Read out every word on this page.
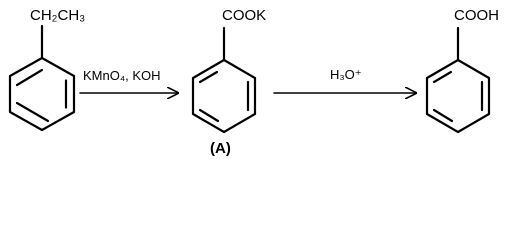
CH₂CH₃
KMnO₄, KOH
COOK
(A)
H₃O⁺
COOH
